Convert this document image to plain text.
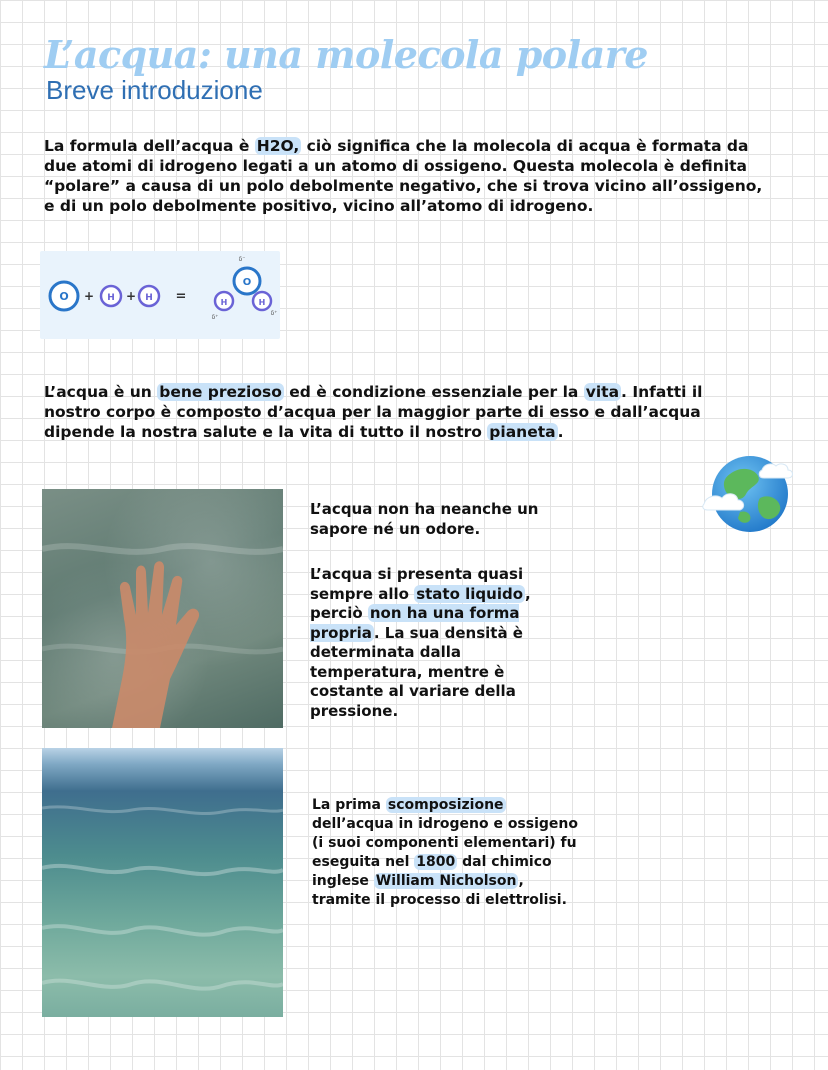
L’acqua: una molecola polare
Breve introduzione

La formula dell’acqua è H2O, ciò significa che la molecola di acqua è formata da due atomi di idrogeno legati a un atomo di ossigeno. Questa molecola è definita “polare” a causa di un polo debolmente negativo, che si trova vicino all’ossigeno, e di un polo debolmente positivo, vicino all’atomo di idrogeno.

O + H + H =
δ⁻
O
H	H
δ⁺
δ⁺

L’acqua è un bene prezioso ed è condizione essenziale per la vita . Infatti il nostro corpo è composto d’acqua per la maggior parte di esso e dall’acqua dipende la nostra salute e la vita di tutto il nostro pianeta .

L’acqua non ha neanche un sapore né un odore.

L’acqua si presenta quasi sempre allo stato liquido , perciò non ha una forma propria . La sua densità è determinata dalla temperatura, mentre è costante al variare della pressione.

La prima scomposizione dell’acqua in idrogeno e ossigeno (i suoi componenti elementari) fu eseguita nel 1800 dal chimico inglese William Nicholson , tramite il processo di elettrolisi.
